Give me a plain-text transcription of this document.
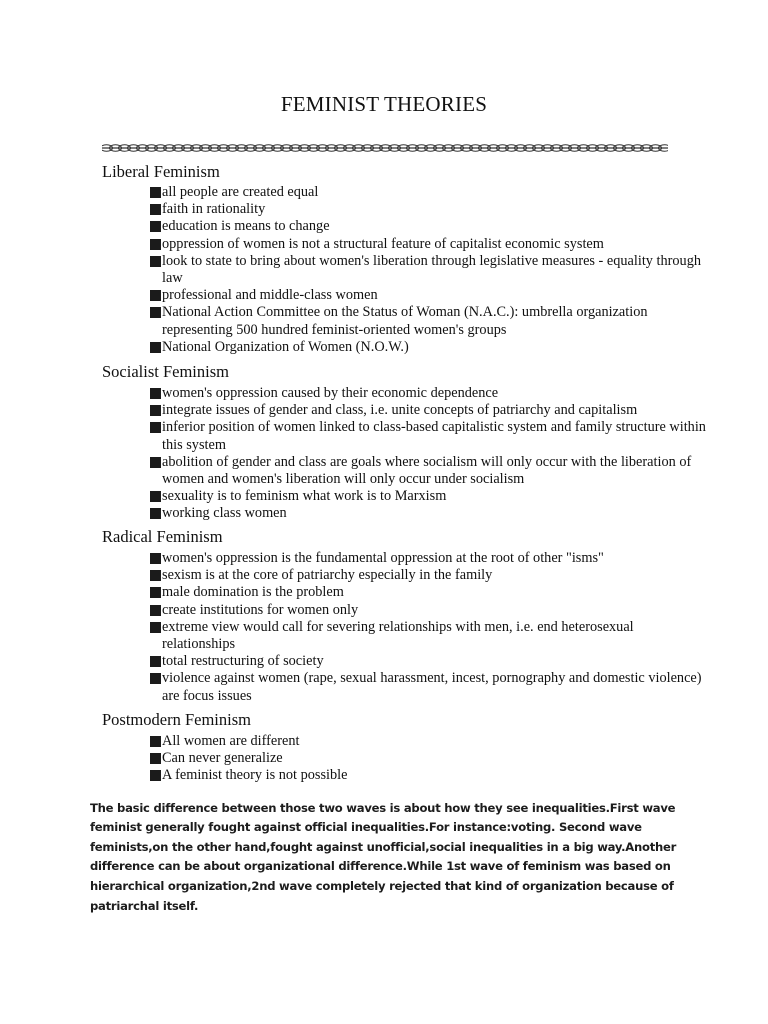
FEMINIST THEORIES
Liberal Feminism
all people are created equal
faith in rationality
education is means to change
oppression of women is not a structural feature of capitalist economic system
look to state to bring about women's liberation through legislative measures - equality through law
professional and middle-class women
National Action Committee on the Status of Woman (N.A.C.): umbrella organization representing 500 hundred feminist-oriented women's groups
National Organization of Women (N.O.W.)
Socialist Feminism
women's oppression caused by their economic dependence
integrate issues of gender and class, i.e. unite concepts of patriarchy and capitalism
inferior position of women linked to class-based capitalistic system and family structure within this system
abolition of gender and class are goals where socialism will only occur with the liberation of women and women's liberation will only occur under socialism
sexuality is to feminism what work is to Marxism
working class women
Radical Feminism
women's oppression is the fundamental oppression at the root of other "isms"
sexism is at the core of patriarchy especially in the family
male domination is the problem
create institutions for women only
extreme view would call for severing relationships with men, i.e. end heterosexual relationships
total restructuring of society
violence against women (rape, sexual harassment, incest, pornography and domestic violence) are focus issues
Postmodern Feminism
All women are different
Can never generalize
A feminist theory is not possible

The basic difference between those two waves is about how they see inequalities.First wave feminist generally fought against official inequalities.For instance:voting. Second wave feminists,on the other hand,fought against unofficial,social inequalities in a big way.Another difference can be about organizational difference.While 1st wave of feminism was based on hierarchical organization,2nd wave completely rejected that kind of organization because of patriarchal itself.
